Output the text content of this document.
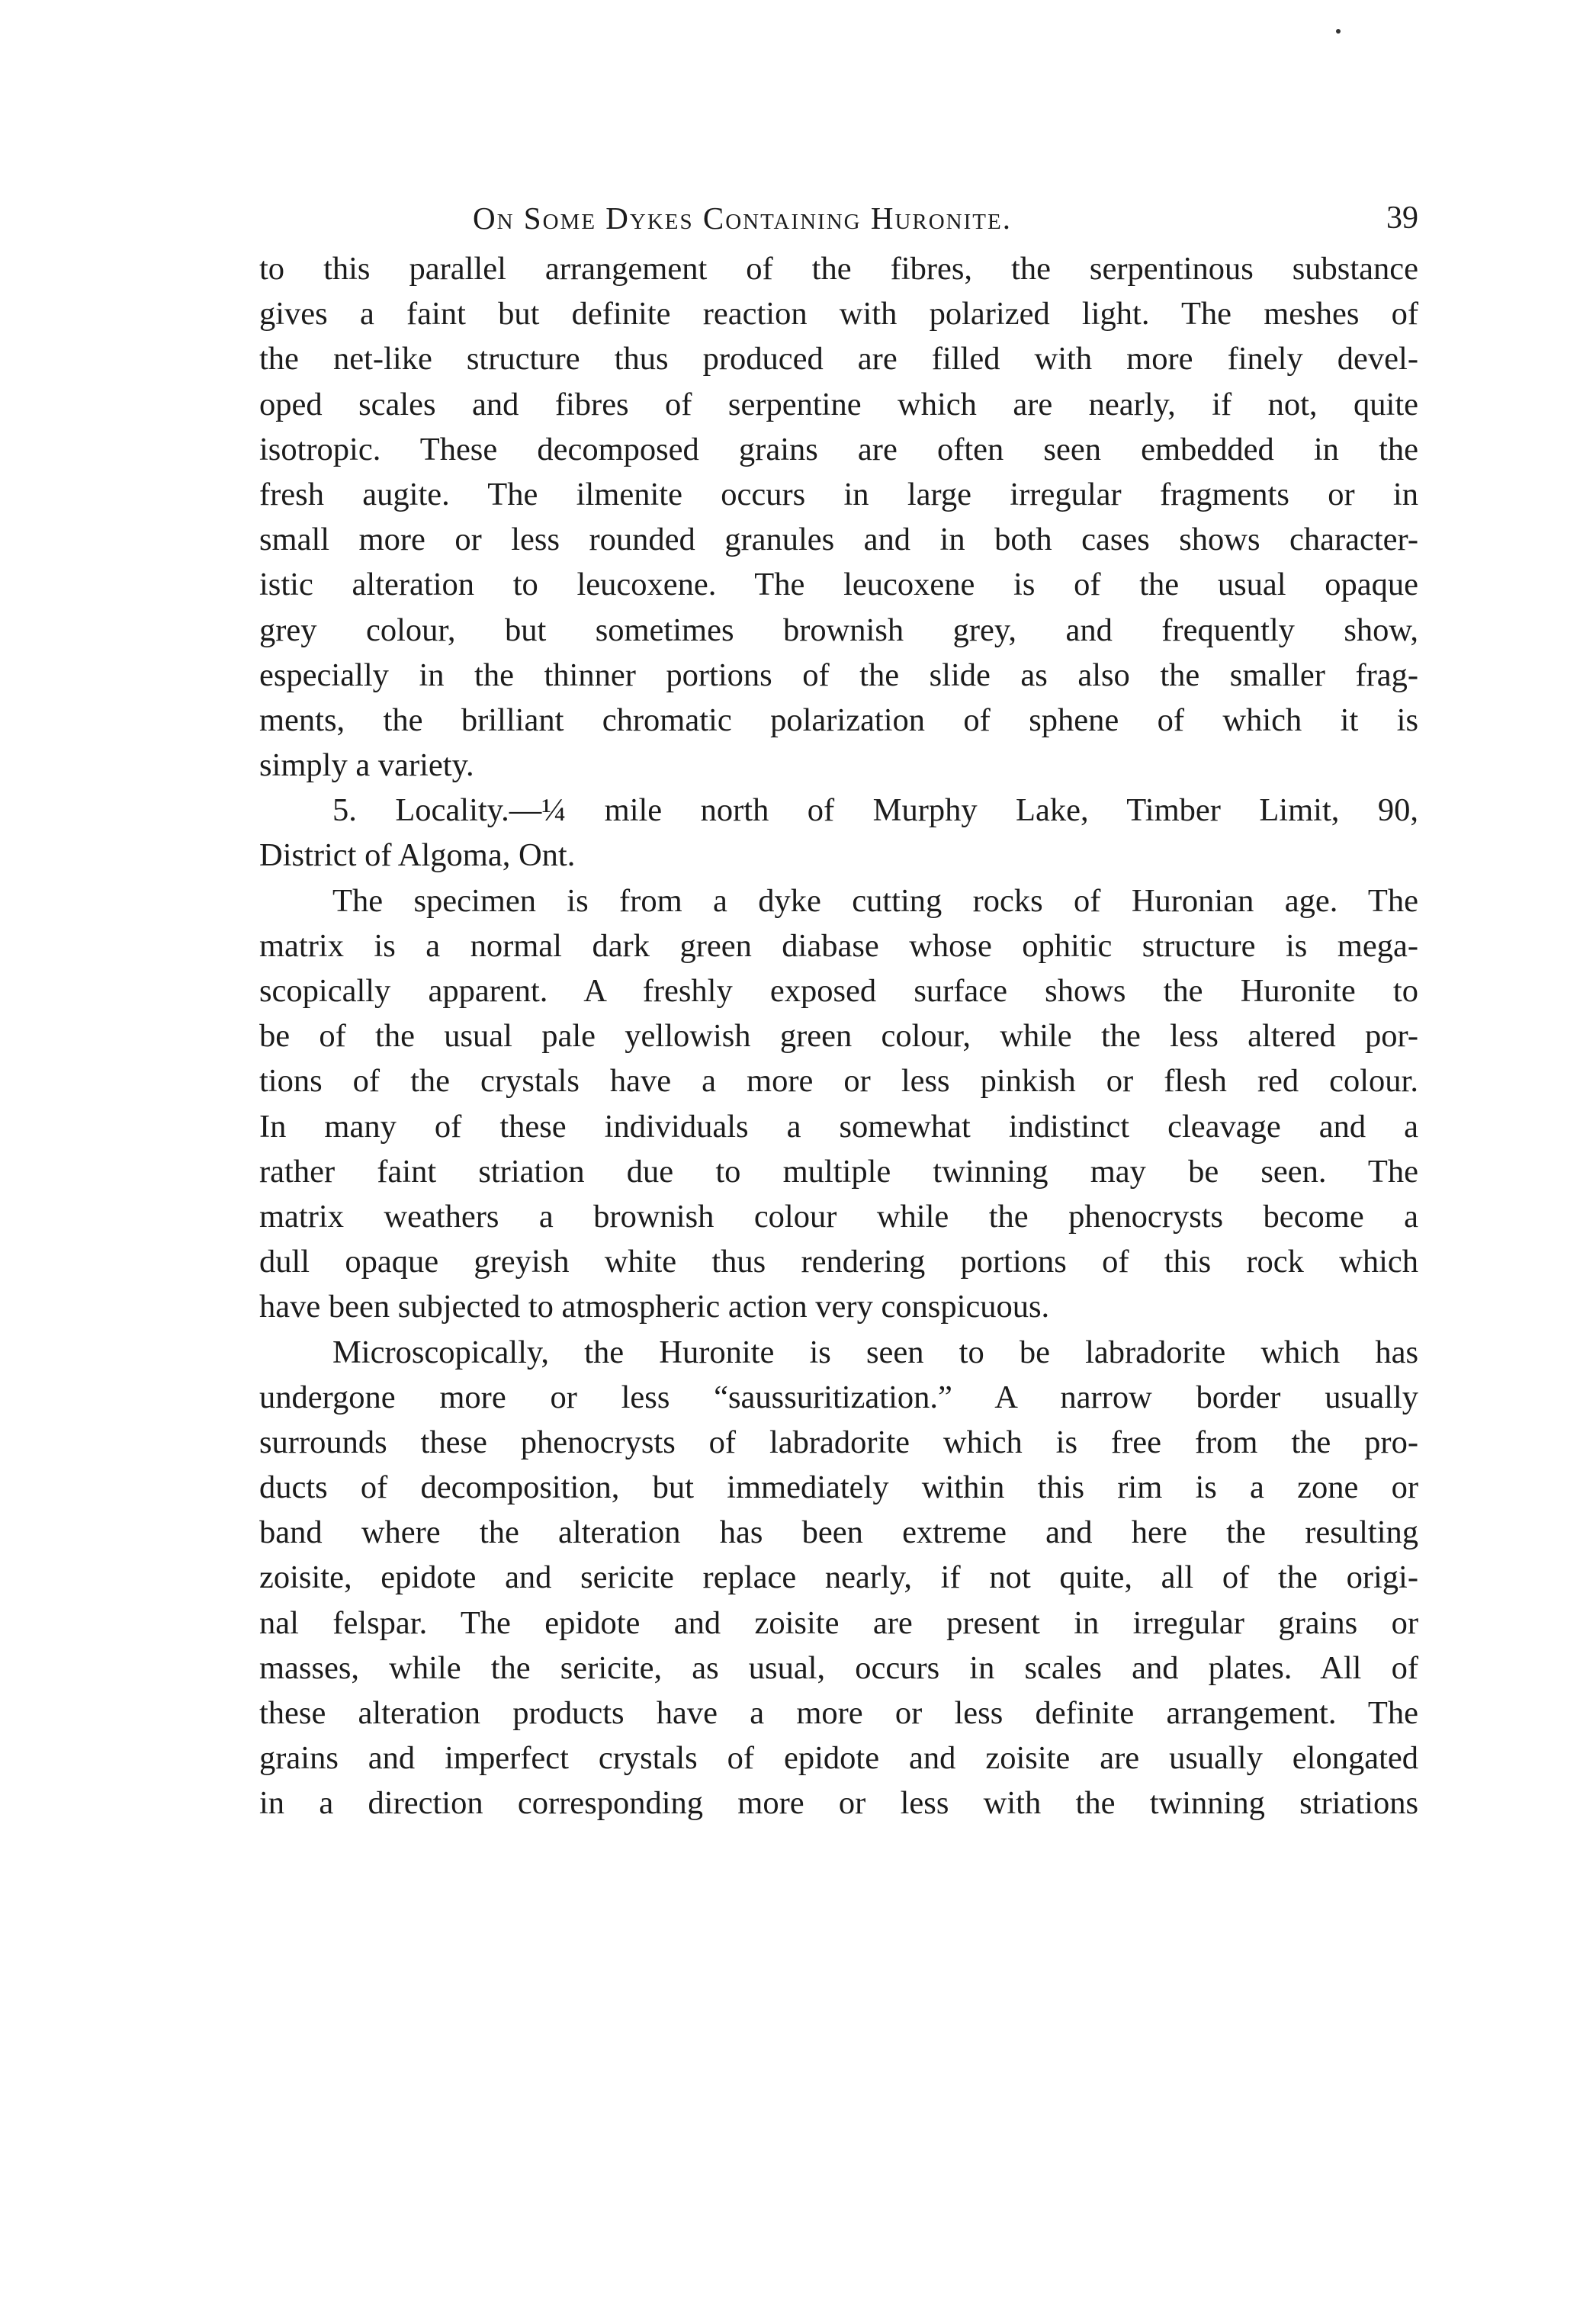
On Some Dykes Containing Huronite.	39
to this parallel arrangement of the fibres, the serpentinous substance
gives a faint but definite reaction with polarized light. The meshes of
the net-like structure thus produced are filled with more finely devel-
oped scales and fibres of serpentine which are nearly, if not, quite
isotropic. These decomposed grains are often seen embedded in the
fresh augite. The ilmenite occurs in large irregular fragments or in
small more or less rounded granules and in both cases shows character-
istic alteration to leucoxene. The leucoxene is of the usual opaque
grey colour, but sometimes brownish grey, and frequently show,
especially in the thinner portions of the slide as also the smaller frag-
ments, the brilliant chromatic polarization of sphene of which it is
simply a variety.
5. Locality.—¼ mile north of Murphy Lake, Timber Limit, 90,
District of Algoma, Ont.
The specimen is from a dyke cutting rocks of Huronian age. The
matrix is a normal dark green diabase whose ophitic structure is mega-
scopically apparent. A freshly exposed surface shows the Huronite to
be of the usual pale yellowish green colour, while the less altered por-
tions of the crystals have a more or less pinkish or flesh red colour.
In many of these individuals a somewhat indistinct cleavage and a
rather faint striation due to multiple twinning may be seen. The
matrix weathers a brownish colour while the phenocrysts become a
dull opaque greyish white thus rendering portions of this rock which
have been subjected to atmospheric action very conspicuous.
Microscopically, the Huronite is seen to be labradorite which has
undergone more or less “saussuritization.” A narrow border usually
surrounds these phenocrysts of labradorite which is free from the pro-
ducts of decomposition, but immediately within this rim is a zone or
band where the alteration has been extreme and here the resulting
zoisite, epidote and sericite replace nearly, if not quite, all of the origi-
nal felspar. The epidote and zoisite are present in irregular grains or
masses, while the sericite, as usual, occurs in scales and plates. All of
these alteration products have a more or less definite arrangement. The
grains and imperfect crystals of epidote and zoisite are usually elongated
in a direction corresponding more or less with the twinning striations
